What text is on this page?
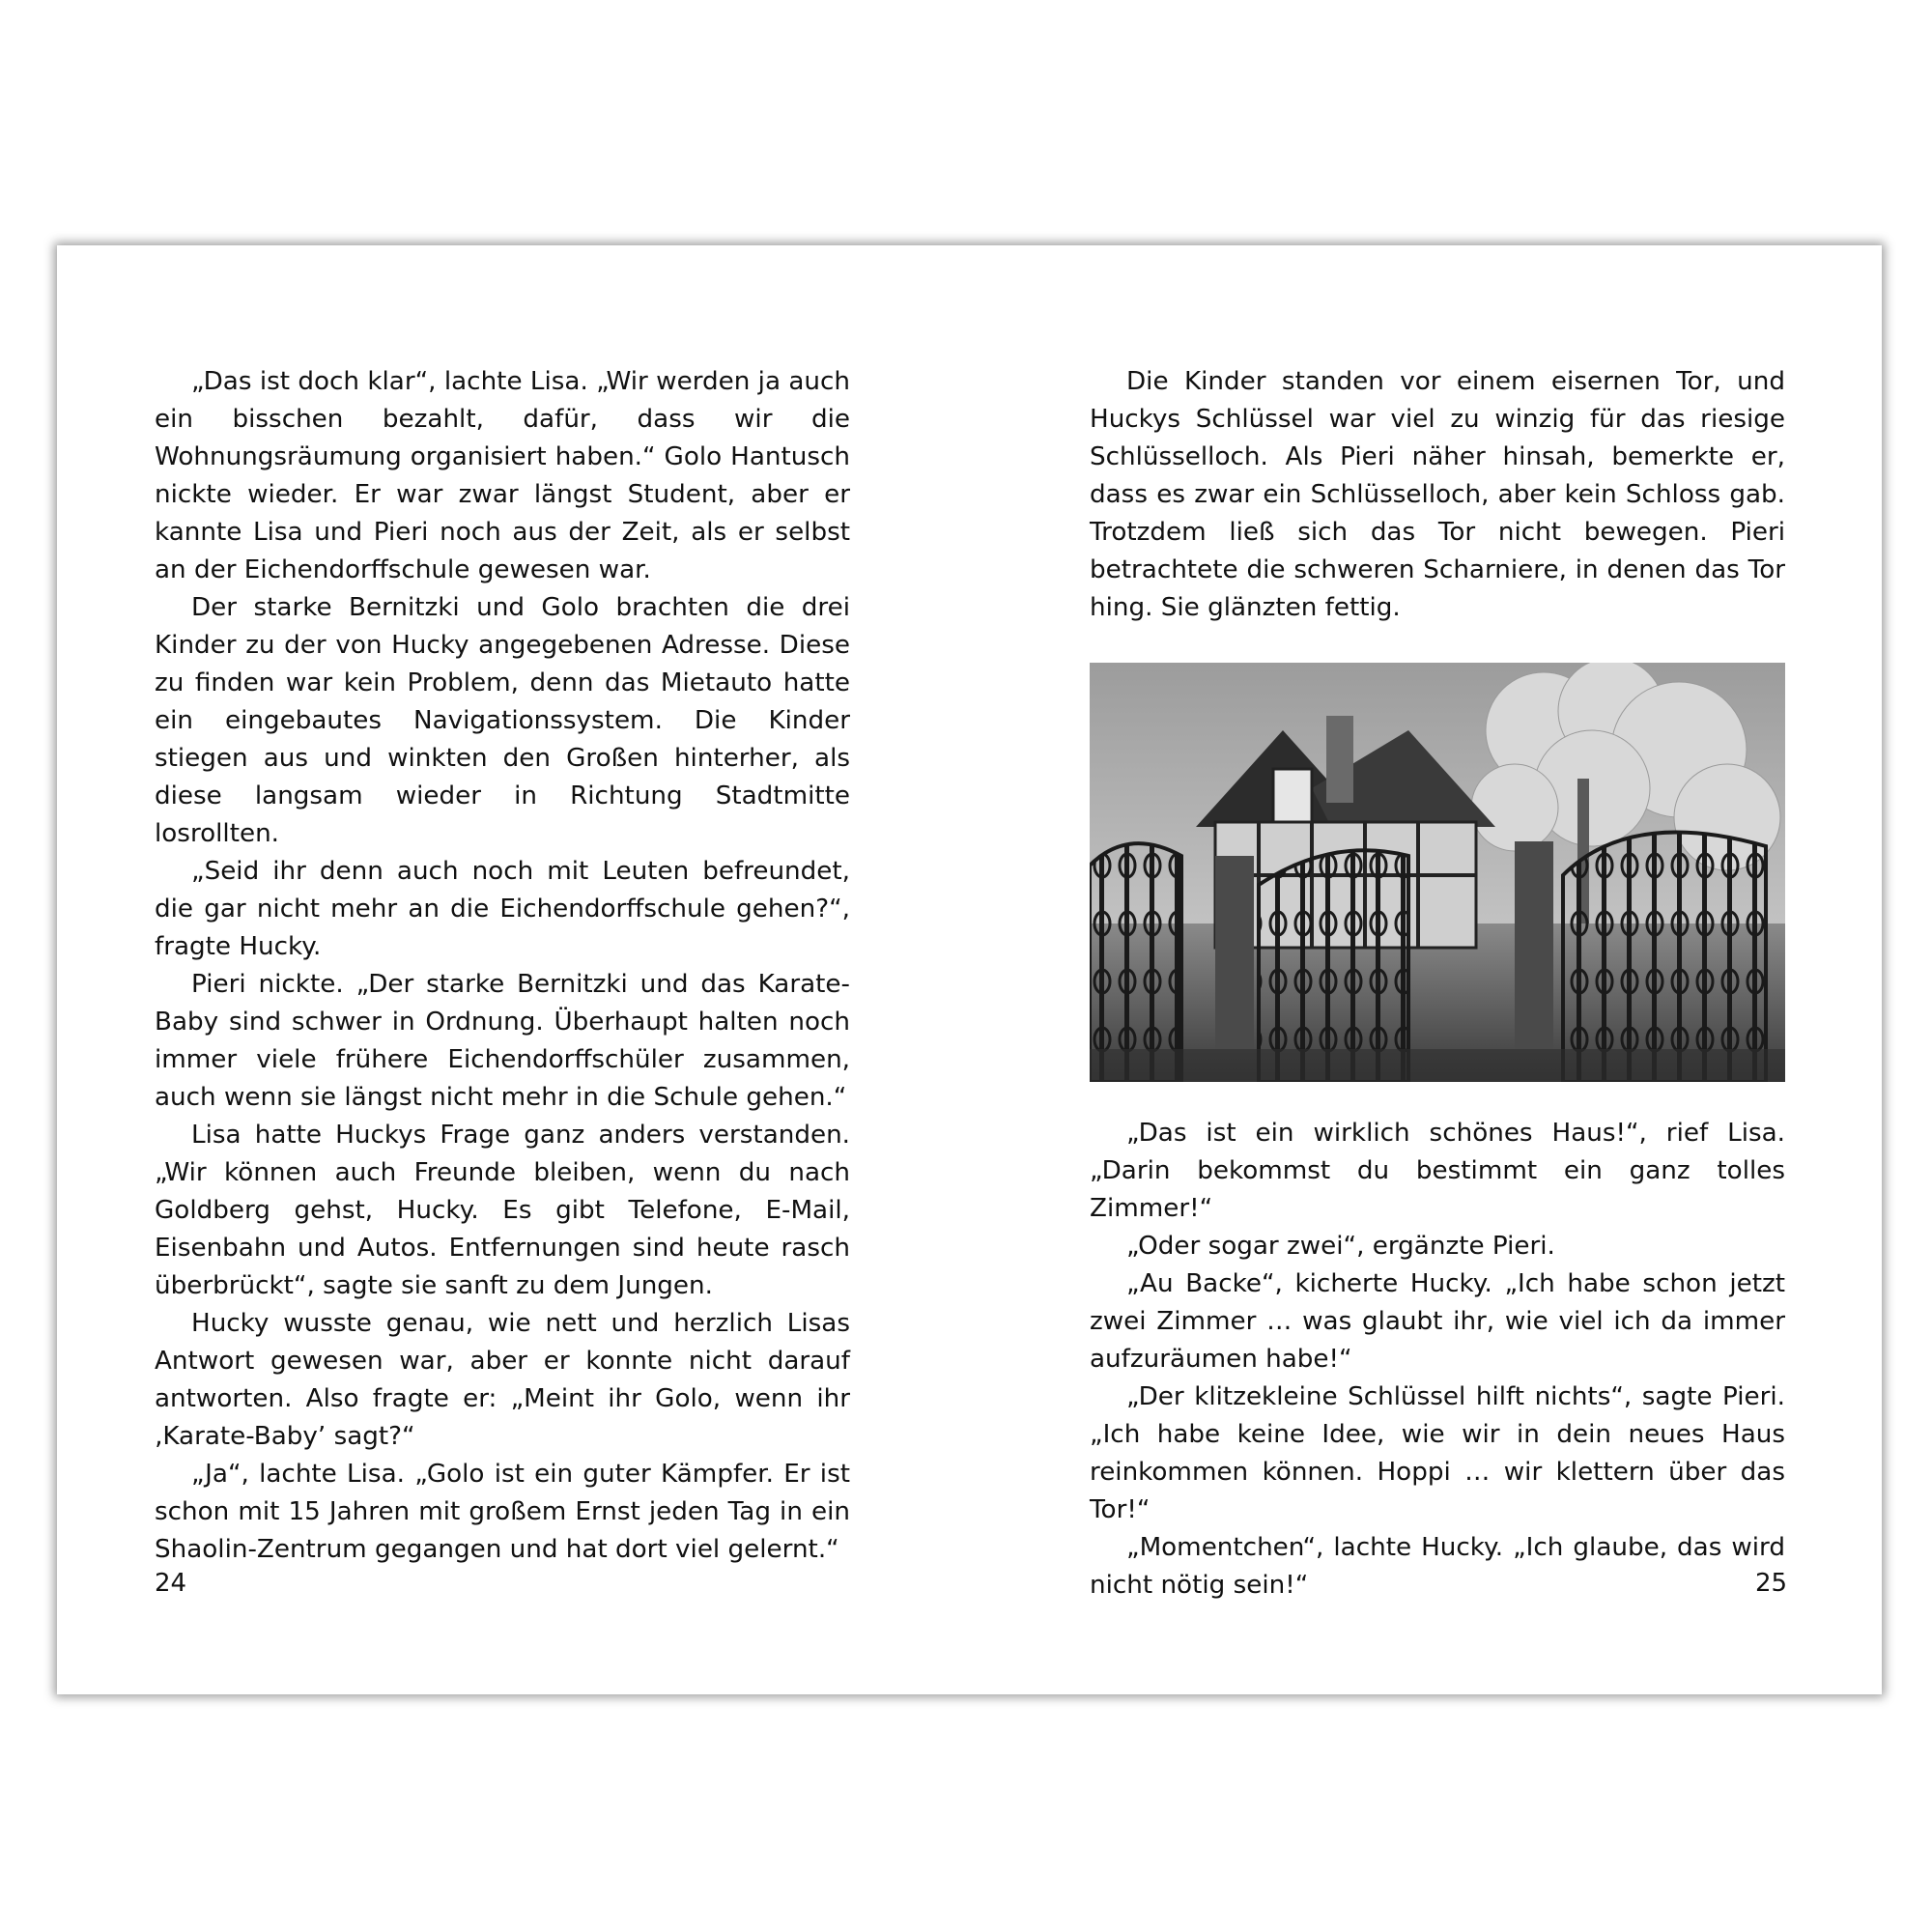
„Das ist doch klar“, lachte Lisa. „Wir werden ja auch ein bisschen bezahlt, dafür, dass wir die Wohnungsräumung organisiert haben.“ Golo Hantusch nickte wieder. Er war zwar längst Student, aber er kannte Lisa und Pieri noch aus der Zeit, als er selbst an der Eichendorffschule gewesen war.

Der starke Bernitzki und Golo brachten die drei Kinder zu der von Hucky angegebenen Adresse. Diese zu finden war kein Problem, denn das Mietauto hatte ein eingebautes Navigationssystem. Die Kinder stiegen aus und winkten den Großen hinterher, als diese langsam wieder in Richtung Stadtmitte losrollten.

„Seid ihr denn auch noch mit Leuten befreundet, die gar nicht mehr an die Eichendorffschule gehen?“, fragte Hucky.

Pieri nickte. „Der starke Bernitzki und das Karate-Baby sind schwer in Ordnung. Überhaupt halten noch immer viele frühere Eichendorffschüler zusammen, auch wenn sie längst nicht mehr in die Schule gehen.“

Lisa hatte Huckys Frage ganz anders verstanden. „Wir können auch Freunde bleiben, wenn du nach Goldberg gehst, Hucky. Es gibt Telefone, E-Mail, Eisenbahn und Autos. Entfernungen sind heute rasch überbrückt“, sagte sie sanft zu dem Jungen.

Hucky wusste genau, wie nett und herzlich Lisas Antwort gewesen war, aber er konnte nicht darauf antworten. Also fragte er: „Meint ihr Golo, wenn ihr ‚Karate-Baby’ sagt?“

„Ja“, lachte Lisa. „Golo ist ein guter Kämpfer. Er ist schon mit 15 Jahren mit großem Ernst jeden Tag in ein Shaolin-Zentrum gegangen und hat dort viel gelernt.“

Die Kinder standen vor einem eisernen Tor, und Huckys Schlüssel war viel zu winzig für das riesige Schlüsselloch. Als Pieri näher hinsah, bemerkte er, dass es zwar ein Schlüsselloch, aber kein Schloss gab. Trotzdem ließ sich das Tor nicht bewegen. Pieri betrachtete die schweren Scharniere, in denen das Tor hing. Sie glänzten fettig.

„Das ist ein wirklich schönes Haus!“, rief Lisa. „Darin bekommst du bestimmt ein ganz tolles Zimmer!“

„Oder sogar zwei“, ergänzte Pieri.

„Au Backe“, kicherte Hucky. „Ich habe schon jetzt zwei Zimmer … was glaubt ihr, wie viel ich da immer aufzuräumen habe!“

„Der klitzekleine Schlüssel hilft nichts“, sagte Pieri. „Ich habe keine Idee, wie wir in dein neues Haus reinkommen können. Hoppi … wir klettern über das Tor!“

„Momentchen“, lachte Hucky. „Ich glaube, das wird nicht nötig sein!“

24	25
